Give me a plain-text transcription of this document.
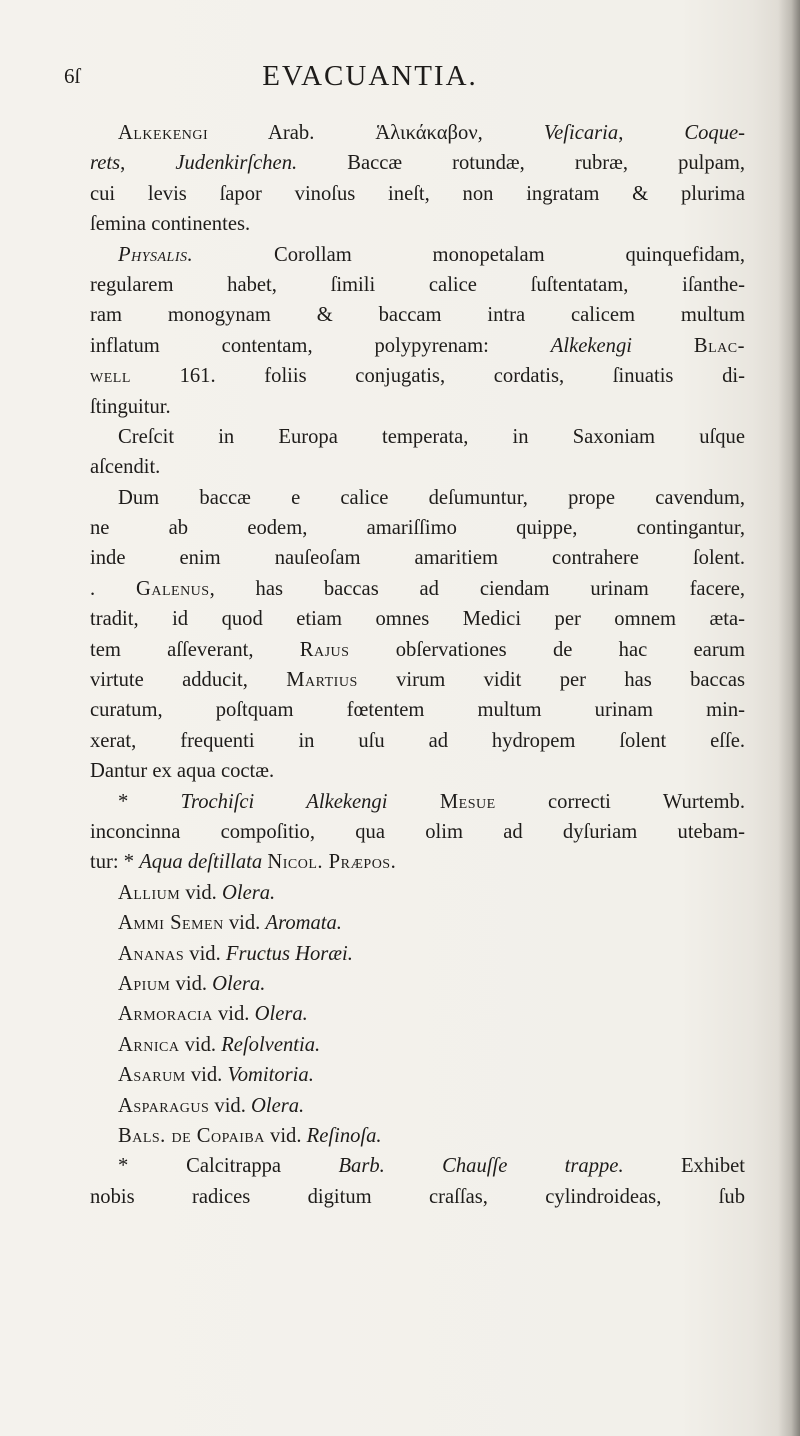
6ſ	EVACUANTIA.
Alkekengi	Arab.	Ἁλικάκαβον, Veſicaria, Coque-
rets, Judenkirſchen. Baccæ rotundæ, rubræ, pulpam,
cui levis ſapor vinoſus ineſt, non ingratam & plurima
ſemina continentes.
Physalis.	Corollam monopetalam quinquefidam,
regularem habet, ſimili calice ſuſtentatam, iſanthe-
ram monogynam & baccam intra calicem multum
inflatum contentam, polypyrenam:	Alkekengi	Blac-
well 161. foliis conjugatis, cordatis, ſinuatis di-
ſtinguitur.
Creſcit in Europa temperata, in Saxoniam uſque
aſcendit.
Dum baccæ e calice deſumuntur, prope cavendum,
ne ab eodem, amariſſimo quippe, contingantur,
inde enim nauſeoſam amaritiem contrahere ſolent.
. Galenus, has baccas ad ciendam urinam facere,
tradit, id quod etiam omnes Medici per omnem æta-
tem aſſeverant, Rajus obſervationes de hac earum
virtute adducit, Martius virum vidit per has baccas
curatum, poſtquam fœtentem multum urinam min-
xerat, frequenti in uſu ad hydropem ſolent eſſe.
Dantur ex aqua coctæ.
*	Trochiſci Alkekengi	Mesue	correcti Wurtemb.
inconcinna compoſitio, qua olim ad dyſuriam utebam-
tur: * Aqua deſtillata Nicol. Præpos.
Allium vid. Olera.
Ammi Semen vid. Aromata.
Ananas vid. Fructus Horæi.
Apium vid. Olera.
Armoracia vid. Olera.
Arnica vid. Reſolventia.
Asarum vid. Vomitoria.
Asparagus vid. Olera.
Bals. de Copaiba vid. Reſinoſa.
*	Calcitrappa	Barb. Chauſſe trappe.	Exhibet
nobis radices digitum craſſas, cylindroideas, ſub
